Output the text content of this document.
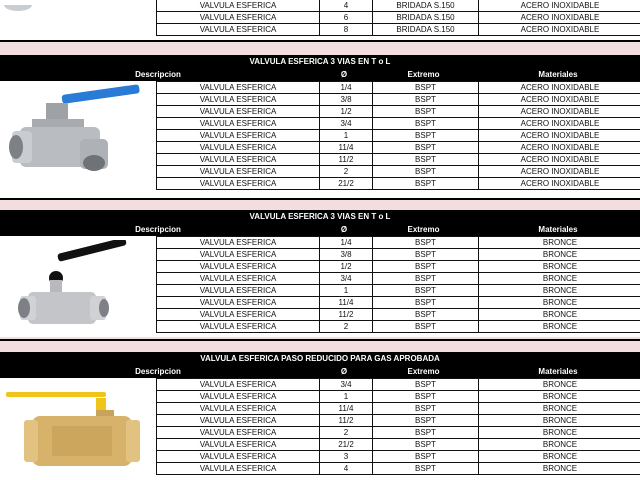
VALVULA ESFERICA	4	BRIDADA S.150	ACERO INOXIDABLE
VALVULA ESFERICA	6	BRIDADA S.150	ACERO INOXIDABLE
VALVULA ESFERICA	8	BRIDADA S.150	ACERO INOXIDABLE
VALVULA ESFERICA 3 VIAS EN T o L
Descripcion	Ø	Extremo	Materiales
VALVULA ESFERICA	1/4	BSPT	ACERO INOXIDABLE
VALVULA ESFERICA	3/8	BSPT	ACERO INOXIDABLE
VALVULA ESFERICA	1/2	BSPT	ACERO INOXIDABLE
VALVULA ESFERICA	3/4	BSPT	ACERO INOXIDABLE
VALVULA ESFERICA	1	BSPT	ACERO INOXIDABLE
VALVULA ESFERICA	11/4	BSPT	ACERO INOXIDABLE
VALVULA ESFERICA	11/2	BSPT	ACERO INOXIDABLE
VALVULA ESFERICA	2	BSPT	ACERO INOXIDABLE
VALVULA ESFERICA	21/2	BSPT	ACERO INOXIDABLE
VALVULA ESFERICA 3 VIAS EN T o L
Descripcion	Ø	Extremo	Materiales
VALVULA ESFERICA	1/4	BSPT	BRONCE
VALVULA ESFERICA	3/8	BSPT	BRONCE
VALVULA ESFERICA	1/2	BSPT	BRONCE
VALVULA ESFERICA	3/4	BSPT	BRONCE
VALVULA ESFERICA	1	BSPT	BRONCE
VALVULA ESFERICA	11/4	BSPT	BRONCE
VALVULA ESFERICA	11/2	BSPT	BRONCE
VALVULA ESFERICA	2	BSPT	BRONCE
VALVULA ESFERICA PASO REDUCIDO PARA GAS APROBADA
Descripcion	Ø	Extremo	Materiales
VALVULA ESFERICA	3/4	BSPT	BRONCE
VALVULA ESFERICA	1	BSPT	BRONCE
VALVULA ESFERICA	11/4	BSPT	BRONCE
VALVULA ESFERICA	11/2	BSPT	BRONCE
VALVULA ESFERICA	2	BSPT	BRONCE
VALVULA ESFERICA	21/2	BSPT	BRONCE
VALVULA ESFERICA	3	BSPT	BRONCE
VALVULA ESFERICA	4	BSPT	BRONCE
